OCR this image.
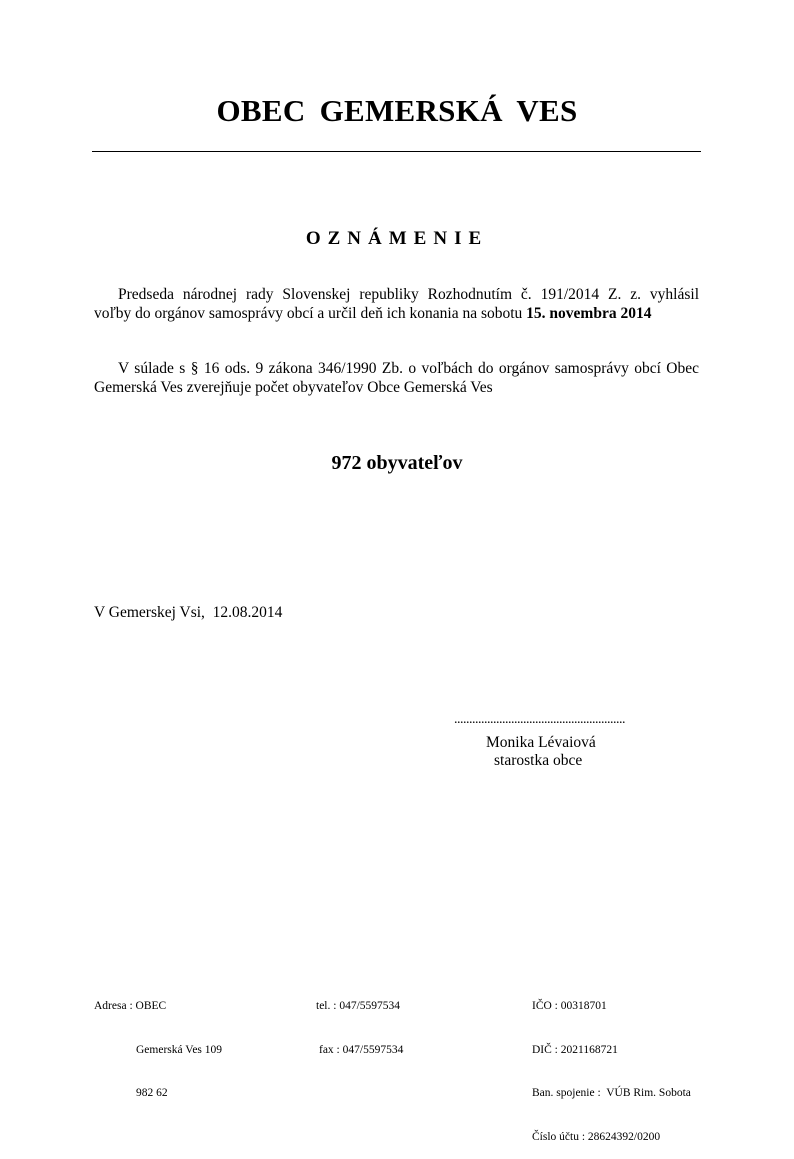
OBEC GEMERSKÁ VES
OZNÁMENIE
Predseda národnej rady Slovenskej republiky Rozhodnutím č. 191/2014 Z. z. vyhlásil
voľby do orgánov samosprávy obcí a určil deň ich konania na sobotu 15. novembra 2014
V súlade s § 16 ods. 9 zákona 346/1990 Zb. o voľbách do orgánov samosprávy obcí Obec
Gemerská Ves zverejňuje počet obyvateľov Obce Gemerská Ves
972 obyvateľov
V Gemerskej Vsi,  12.08.2014
.........................................................
Monika Lévaiová
starostka obce

Adresa : OBEC

Gemerská Ves 109

982 62

tel. : 047/5597534

fax : 047/5597534

IČO : 00318701

DIČ : 2021168721

Ban. spojenie :  VÚB Rim. Sobota

Číslo účtu : 28624392/0200
